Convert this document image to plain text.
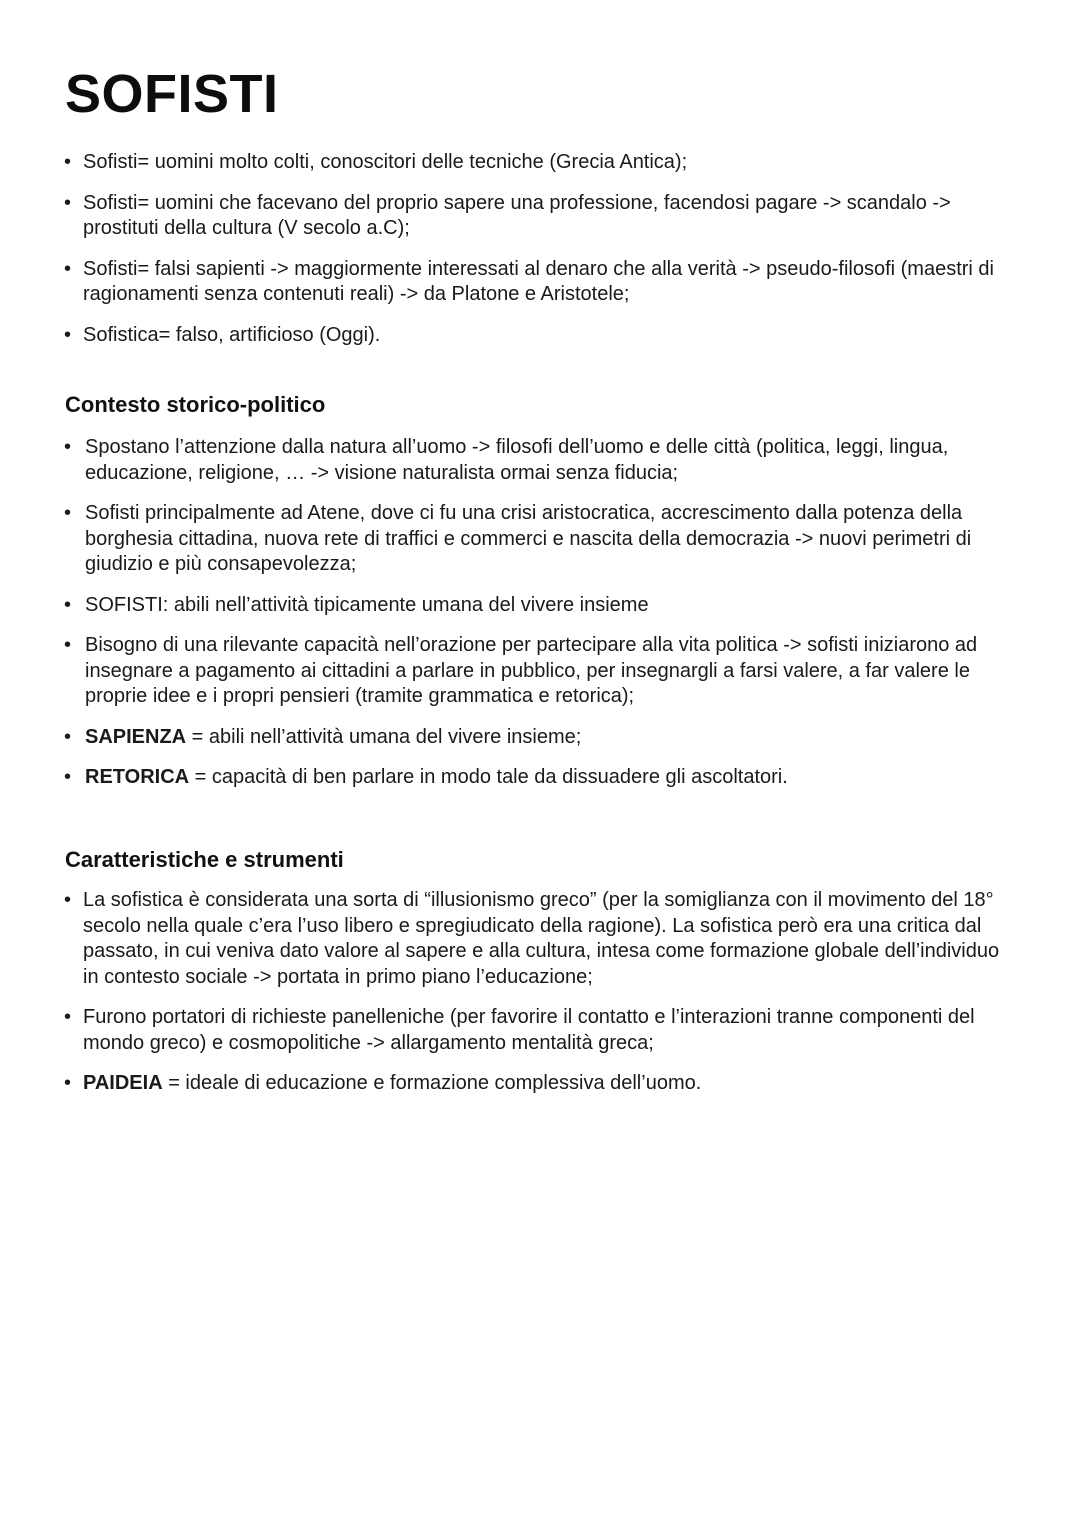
SOFISTI
• Sofisti= uomini molto colti, conoscitori delle tecniche (Grecia Antica);
• Sofisti= uomini che facevano del proprio sapere una professione, facendosi pagare -> scandalo -> prostituti della cultura (V secolo a.C);
• Sofisti= falsi sapienti -> maggiormente interessati al denaro che alla verità -> pseudo-filosofi (maestri di ragionamenti senza contenuti reali) -> da Platone e Aristotele;
• Sofistica= falso, artificioso (Oggi).
Contesto storico-politico
• Spostano l’attenzione dalla natura all’uomo -> filosofi dell’uomo e delle città (politica, leggi, lingua, educazione, religione, … -> visione naturalista ormai senza fiducia;
• Sofisti principalmente ad Atene, dove ci fu una crisi aristocratica, accrescimento dalla potenza della borghesia cittadina, nuova rete di traffici e commerci e nascita della democrazia -> nuovi perimetri di giudizio e più consapevolezza;
• SOFISTI: abili nell’attività tipicamente umana del vivere insieme
• Bisogno di una rilevante capacità nell’orazione per partecipare alla vita politica -> sofisti iniziarono ad insegnare a pagamento ai cittadini a parlare in pubblico, per insegnargli a farsi valere, a far valere le proprie idee e i propri pensieri (tramite grammatica e retorica);
• SAPIENZA = abili nell’attività umana del vivere insieme;
• RETORICA = capacità di ben parlare in modo tale da dissuadere gli ascoltatori.
Caratteristiche e strumenti
• La sofistica è considerata una sorta di “illusionismo greco” (per la somiglianza con il movimento del 18° secolo nella quale c’era l’uso libero e spregiudicato della ragione). La sofistica però era una critica dal passato, in cui veniva dato valore al sapere e alla cultura, intesa come formazione globale dell’individuo in contesto sociale -> portata in primo piano l’educazione;
• Furono portatori di richieste panelleniche (per favorire il contatto e l’interazioni tranne componenti del mondo greco) e cosmopolitiche -> allargamento mentalità greca;
• PAIDEIA = ideale di educazione e formazione complessiva dell’uomo.
